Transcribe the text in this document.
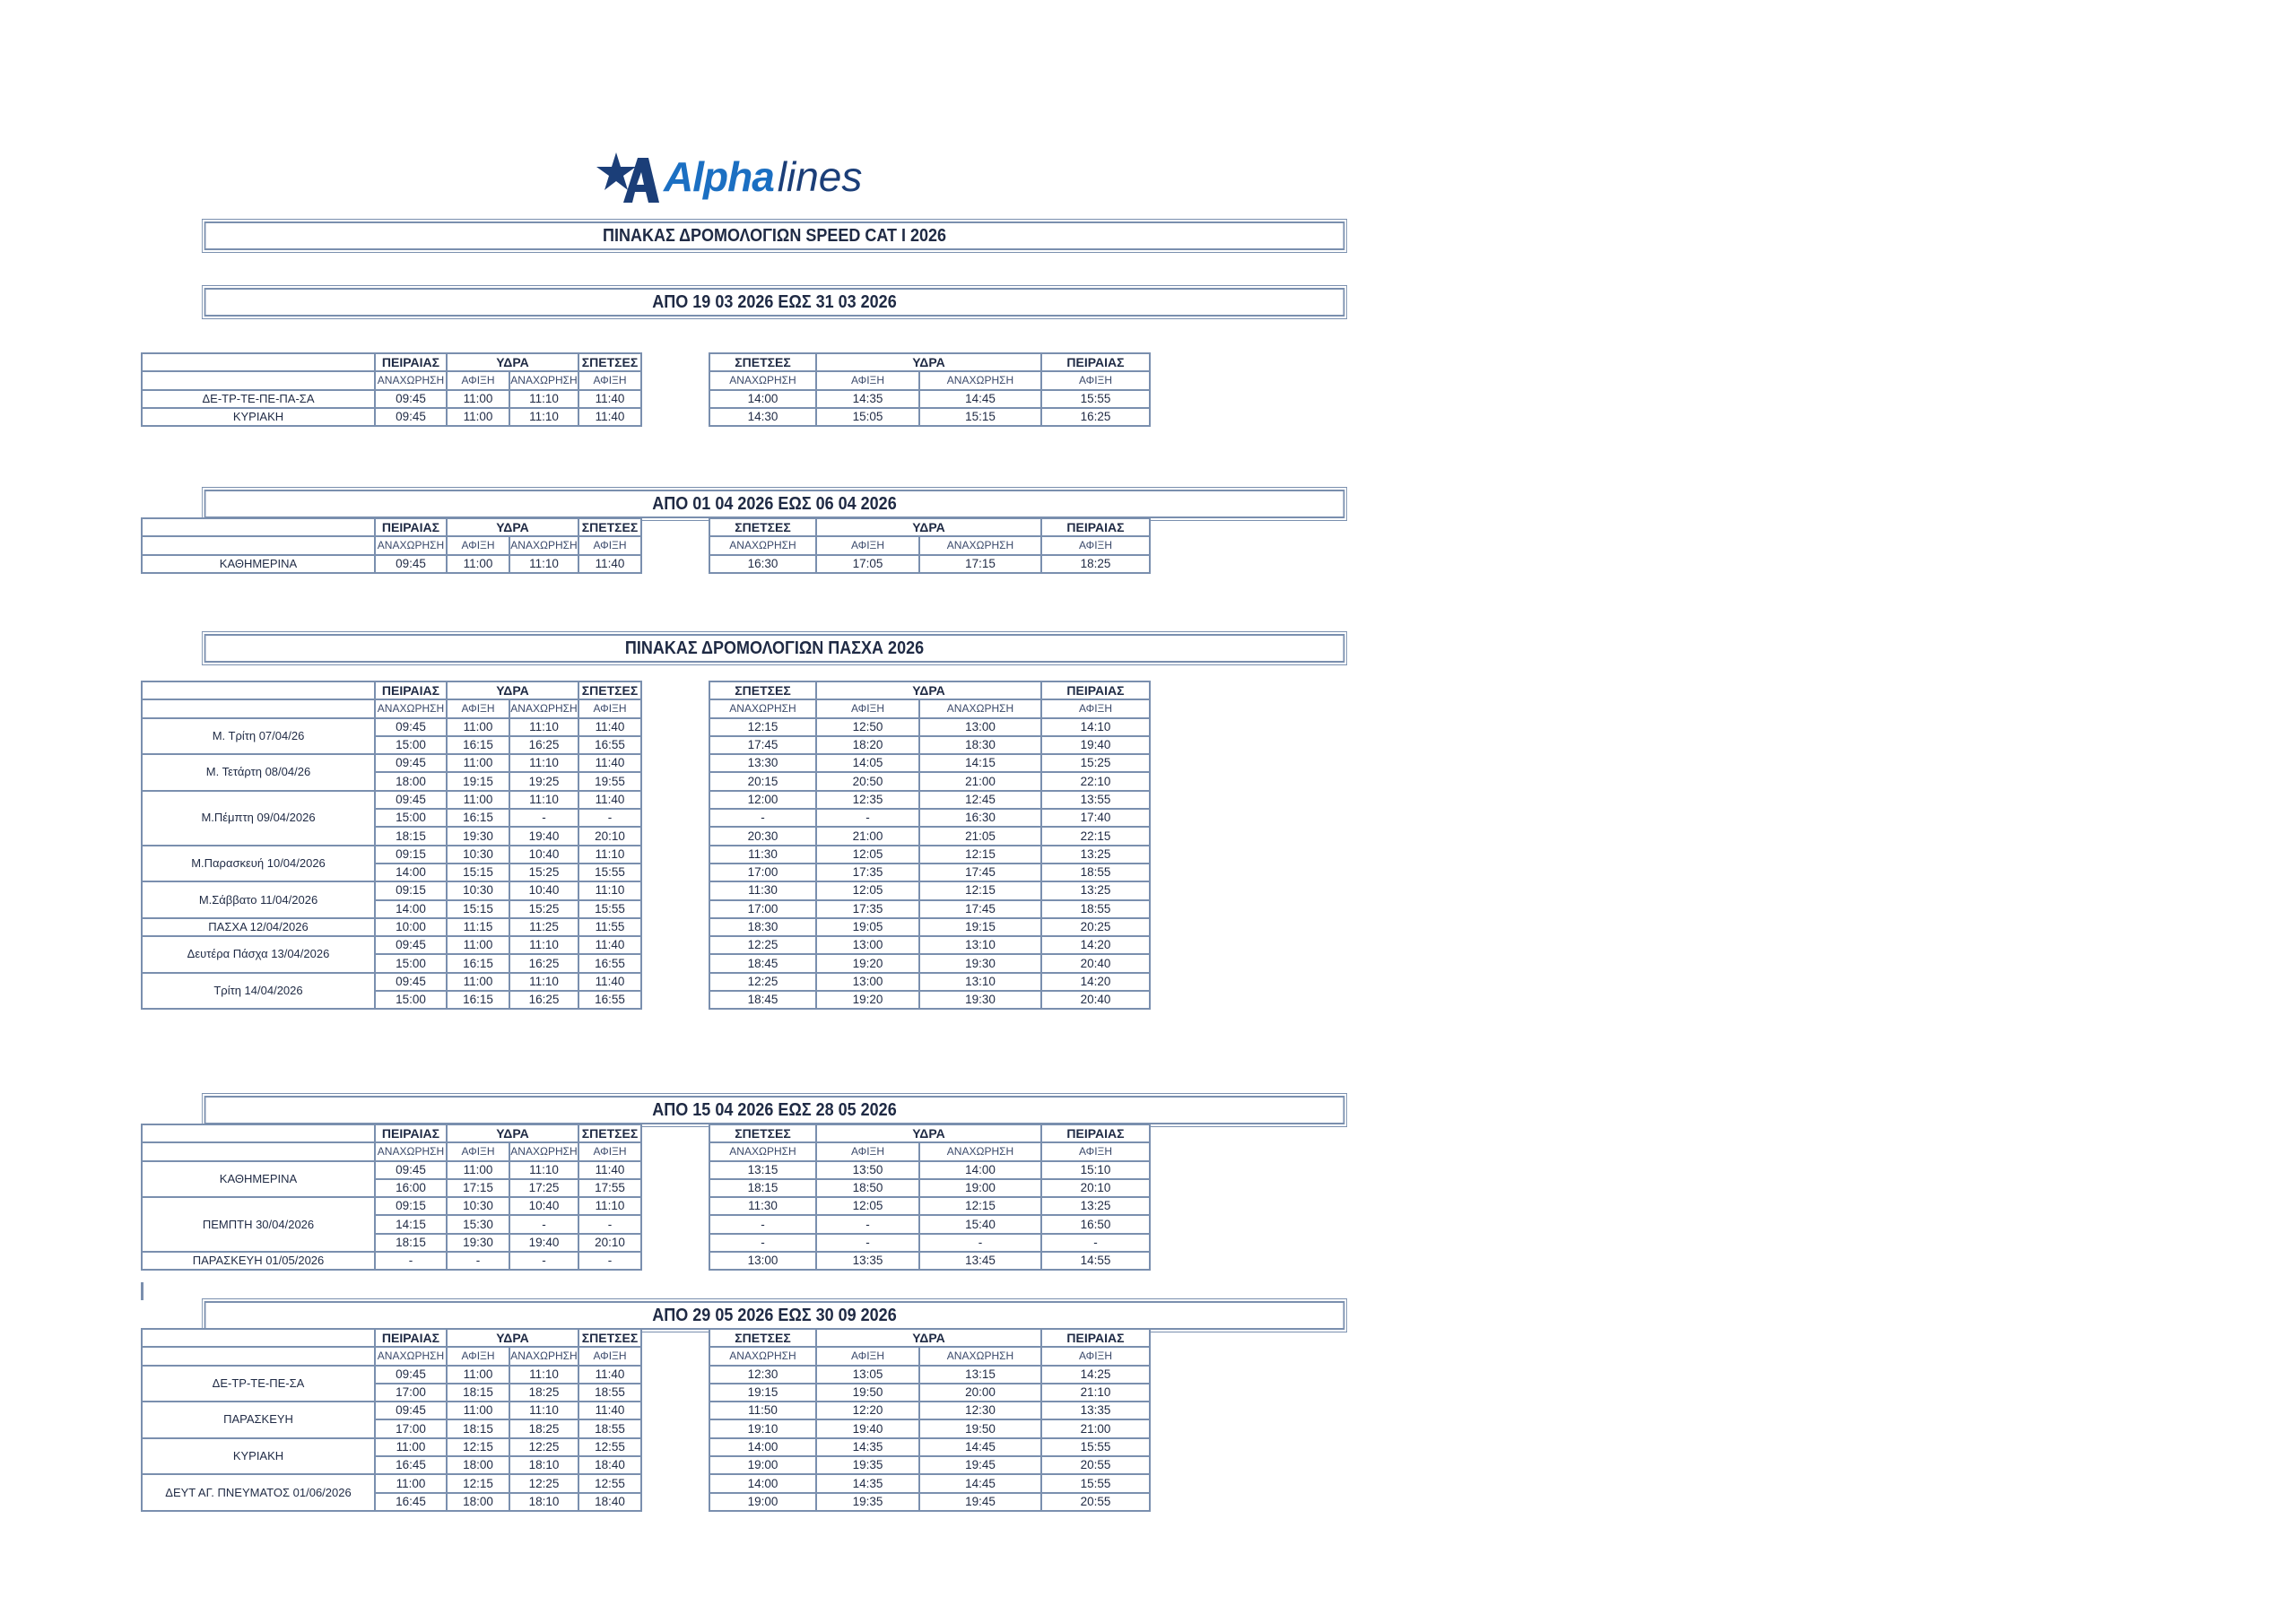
Alphalines
ΠΙΝΑΚΑΣ ΔΡΟΜΟΛΟΓΙΩΝ SPEED CAT I 2026
ΑΠΟ 19 03 2026 ΕΩΣ 31 03 2026
ΑΠΟ 01 04 2026 ΕΩΣ 06 04 2026
ΠΙΝΑΚΑΣ ΔΡΟΜΟΛΟΓΙΩΝ ΠΑΣΧΑ 2026
ΑΠΟ 15 04 2026 ΕΩΣ 28 05 2026
ΑΠΟ 29 05 2026 ΕΩΣ 30 09 2026
	ΠΕΙΡΑΙΑΣ	ΥΔΡΑ		ΣΠΕΤΣΕΣ
	ΑΝΑΧΩΡΗΣΗ	ΑΦΙΞΗ	ΑΝΑΧΩΡΗΣΗ	ΑΦΙΞΗ
ΔΕ-ΤΡ-ΤΕ-ΠΕ-ΠΑ-ΣΑ	09:45	11:00	11:10	11:40
ΚΥΡΙΑΚΗ	09:45	11:00	11:10	11:40
ΣΠΕΤΣΕΣ	ΥΔΡΑ		ΠΕΙΡΑΙΑΣ
ΑΝΑΧΩΡΗΣΗ	ΑΦΙΞΗ	ΑΝΑΧΩΡΗΣΗ	ΑΦΙΞΗ
14:00	14:35	14:45	15:55
14:30	15:05	15:15	16:25
	ΠΕΙΡΑΙΑΣ	ΥΔΡΑ		ΣΠΕΤΣΕΣ
	ΑΝΑΧΩΡΗΣΗ	ΑΦΙΞΗ	ΑΝΑΧΩΡΗΣΗ	ΑΦΙΞΗ
ΚΑΘΗΜΕΡΙΝΑ	09:45	11:00	11:10	11:40
ΣΠΕΤΣΕΣ	ΥΔΡΑ		ΠΕΙΡΑΙΑΣ
ΑΝΑΧΩΡΗΣΗ	ΑΦΙΞΗ	ΑΝΑΧΩΡΗΣΗ	ΑΦΙΞΗ
16:30	17:05	17:15	18:25
	ΠΕΙΡΑΙΑΣ	ΥΔΡΑ		ΣΠΕΤΣΕΣ
	ΑΝΑΧΩΡΗΣΗ	ΑΦΙΞΗ	ΑΝΑΧΩΡΗΣΗ	ΑΦΙΞΗ
Μ. Τρίτη 07/04/26	09:45	11:00	11:10	11:40
	15:00	16:15	16:25	16:55
Μ. Τετάρτη 08/04/26	09:45	11:00	11:10	11:40
	18:00	19:15	19:25	19:55
Μ.Πέμπτη 09/04/2026	09:45	11:00	11:10	11:40
	15:00	16:15	-	-
	18:15	19:30	19:40	20:10
Μ.Παρασκευή 10/04/2026	09:15	10:30	10:40	11:10
	14:00	15:15	15:25	15:55
Μ.Σάββατο 11/04/2026	09:15	10:30	10:40	11:10
	14:00	15:15	15:25	15:55
ΠΑΣΧΑ 12/04/2026	10:00	11:15	11:25	11:55
Δευτέρα Πάσχα 13/04/2026	09:45	11:00	11:10	11:40
	15:00	16:15	16:25	16:55
Τρίτη 14/04/2026	09:45	11:00	11:10	11:40
	15:00	16:15	16:25	16:55
ΣΠΕΤΣΕΣ	ΥΔΡΑ		ΠΕΙΡΑΙΑΣ
ΑΝΑΧΩΡΗΣΗ	ΑΦΙΞΗ	ΑΝΑΧΩΡΗΣΗ	ΑΦΙΞΗ
12:15	12:50	13:00	14:10
17:45	18:20	18:30	19:40
13:30	14:05	14:15	15:25
20:15	20:50	21:00	22:10
12:00	12:35	12:45	13:55
-	-	16:30	17:40
20:30	21:00	21:05	22:15
11:30	12:05	12:15	13:25
17:00	17:35	17:45	18:55
11:30	12:05	12:15	13:25
17:00	17:35	17:45	18:55
18:30	19:05	19:15	20:25
12:25	13:00	13:10	14:20
18:45	19:20	19:30	20:40
12:25	13:00	13:10	14:20
18:45	19:20	19:30	20:40
	ΠΕΙΡΑΙΑΣ	ΥΔΡΑ		ΣΠΕΤΣΕΣ
	ΑΝΑΧΩΡΗΣΗ	ΑΦΙΞΗ	ΑΝΑΧΩΡΗΣΗ	ΑΦΙΞΗ
ΚΑΘΗΜΕΡΙΝΑ	09:45	11:00	11:10	11:40
	16:00	17:15	17:25	17:55
ΠΕΜΠΤΗ 30/04/2026	09:15	10:30	10:40	11:10
	14:15	15:30	-	-
	18:15	19:30	19:40	20:10
ΠΑΡΑΣΚΕΥΗ 01/05/2026	-	-	-	-
ΣΠΕΤΣΕΣ	ΥΔΡΑ		ΠΕΙΡΑΙΑΣ
ΑΝΑΧΩΡΗΣΗ	ΑΦΙΞΗ	ΑΝΑΧΩΡΗΣΗ	ΑΦΙΞΗ
13:15	13:50	14:00	15:10
18:15	18:50	19:00	20:10
11:30	12:05	12:15	13:25
-	-	15:40	16:50
-	-	-	-
13:00	13:35	13:45	14:55
	ΠΕΙΡΑΙΑΣ	ΥΔΡΑ		ΣΠΕΤΣΕΣ
	ΑΝΑΧΩΡΗΣΗ	ΑΦΙΞΗ	ΑΝΑΧΩΡΗΣΗ	ΑΦΙΞΗ
ΔΕ-ΤΡ-ΤΕ-ΠΕ-ΣΑ	09:45	11:00	11:10	11:40
	17:00	18:15	18:25	18:55
ΠΑΡΑΣΚΕΥΗ	09:45	11:00	11:10	11:40
	17:00	18:15	18:25	18:55
ΚΥΡΙΑΚΗ	11:00	12:15	12:25	12:55
	16:45	18:00	18:10	18:40
ΔΕΥΤ ΑΓ. ΠΝΕΥΜΑΤΟΣ 01/06/2026	11:00	12:15	12:25	12:55
	16:45	18:00	18:10	18:40
ΣΠΕΤΣΕΣ	ΥΔΡΑ		ΠΕΙΡΑΙΑΣ
ΑΝΑΧΩΡΗΣΗ	ΑΦΙΞΗ	ΑΝΑΧΩΡΗΣΗ	ΑΦΙΞΗ
12:30	13:05	13:15	14:25
19:15	19:50	20:00	21:10
11:50	12:20	12:30	13:35
19:10	19:40	19:50	21:00
14:00	14:35	14:45	15:55
19:00	19:35	19:45	20:55
14:00	14:35	14:45	15:55
19:00	19:35	19:45	20:55
